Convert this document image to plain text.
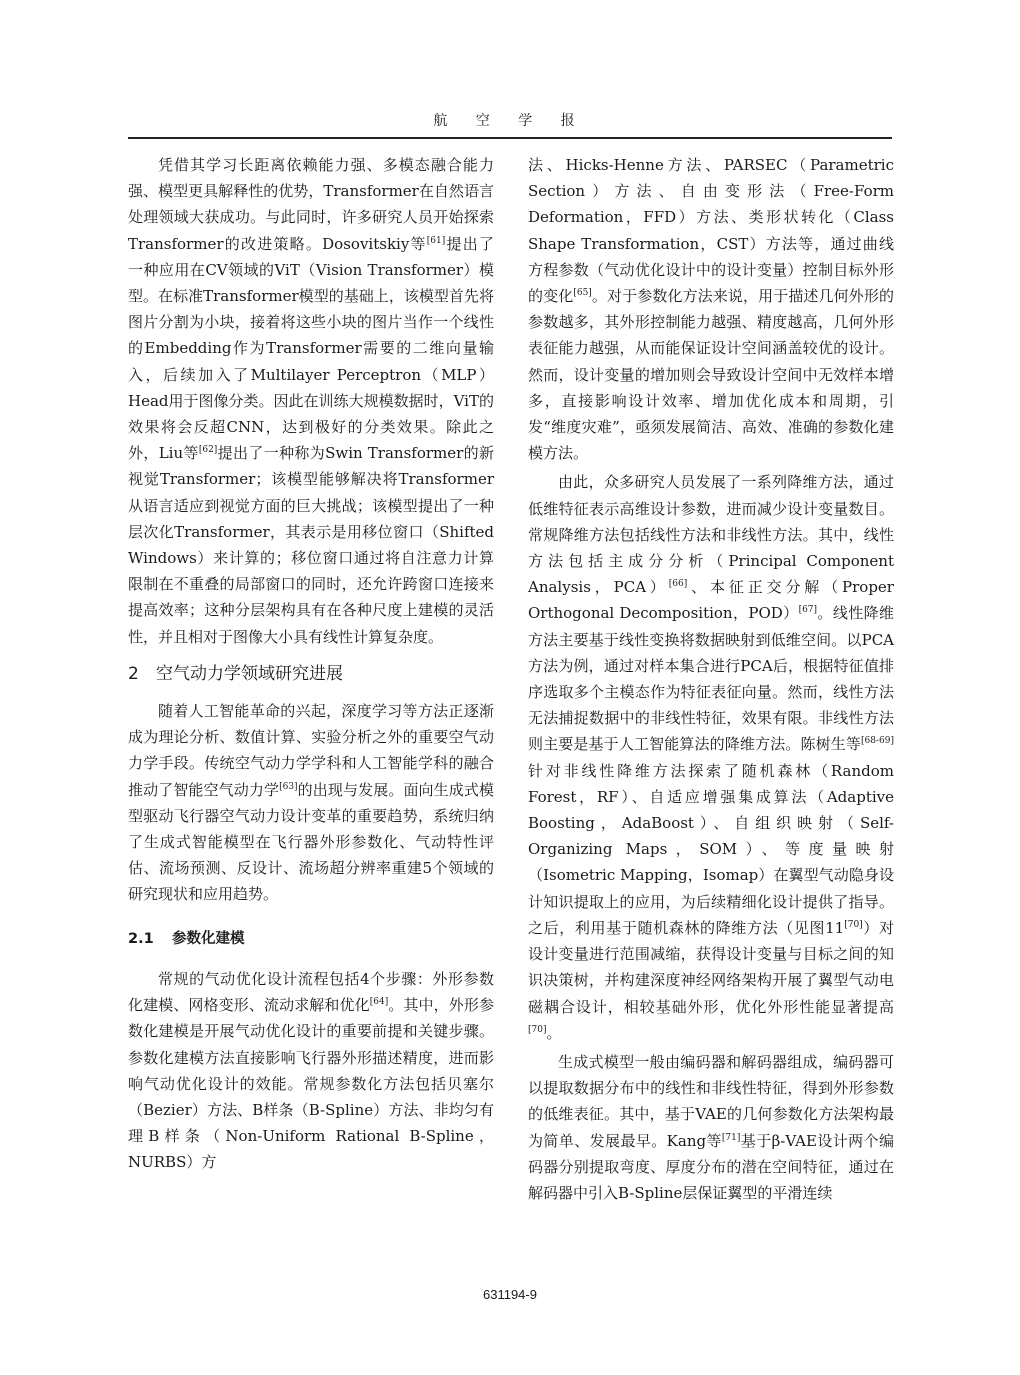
航 空 学 报

凭借其学习长距离依赖能力强、多模态融合能力强、模型更具解释性的优势，Transformer在自然语言处理领域大获成功。与此同时，许多研究人员开始探索Transformer的改进策略。Dosovitskiy等[61]提出了一种应用在CV领域的ViT（Vision Transformer）模型。在标准Transformer模型的基础上，该模型首先将图片分割为小块，接着将这些小块的图片当作一个线性的Embedding作为Transformer需要的二维向量输入，后续加入了Multilayer Perceptron（MLP）Head用于图像分类。因此在训练大规模数据时，ViT的效果将会反超CNN，达到极好的分类效果。除此之外，Liu等[62]提出了一种称为Swin Transformer的新视觉Transformer；该模型能够解决将Transformer从语言适应到视觉方面的巨大挑战；该模型提出了一种层次化Transformer，其表示是用移位窗口（Shifted Windows）来计算的；移位窗口通过将自注意力计算限制在不重叠的局部窗口的同时，还允许跨窗口连接来提高效率；这种分层架构具有在各种尺度上建模的灵活性，并且相对于图像大小具有线性计算复杂度。

2 空气动力学领域研究进展

随着人工智能革命的兴起，深度学习等方法正逐渐成为理论分析、数值计算、实验分析之外的重要空气动力学手段。传统空气动力学学科和人工智能学科的融合推动了智能空气动力学[63]的出现与发展。面向生成式模型驱动飞行器空气动力设计变革的重要趋势，系统归纳了生成式智能模型在飞行器外形参数化、气动特性评估、流场预测、反设计、流场超分辨率重建5个领域的研究现状和应用趋势。

2.1 参数化建模

常规的气动优化设计流程包括4个步骤：外形参数化建模、网格变形、流动求解和优化[64]。其中，外形参数化建模是开展气动优化设计的重要前提和关键步骤。参数化建模方法直接影响飞行器外形描述精度，进而影响气动优化设计的效能。常规参数化方法包括贝塞尔（Bezier）方法、B样条（B-Spline）方法、非均匀有理B样条（Non-Uniform Rational B-Spline，NURBS）方

法、Hicks-Henne方法、PARSEC（Parametric Section）方法、自由变形法（Free-Form Deformation，FFD）方法、类形状转化（Class Shape Transformation，CST）方法等，通过曲线方程参数（气动优化设计中的设计变量）控制目标外形的变化[65]。对于参数化方法来说，用于描述几何外形的参数越多，其外形控制能力越强、精度越高，几何外形表征能力越强，从而能保证设计空间涵盖较优的设计。然而，设计变量的增加则会导致设计空间中无效样本增多，直接影响设计效率、增加优化成本和周期，引发“维度灾难”，亟须发展简洁、高效、准确的参数化建模方法。

由此，众多研究人员发展了一系列降维方法，通过低维特征表示高维设计参数，进而减少设计变量数目。常规降维方法包括线性方法和非线性方法。其中，线性方法包括主成分分析（Principal Component Analysis，PCA）[66]、本征正交分解（Proper Orthogonal Decomposition，POD）[67]。线性降维方法主要基于线性变换将数据映射到低维空间。以PCA方法为例，通过对样本集合进行PCA后，根据特征值排序选取多个主模态作为特征表征向量。然而，线性方法无法捕捉数据中的非线性特征，效果有限。非线性方法则主要是基于人工智能算法的降维方法。陈树生等[68-69]针对非线性降维方法探索了随机森林（Random Forest，RF）、自适应增强集成算法（Adaptive Boosting，AdaBoost）、自组织映射（Self-Organizing Maps，SOM）、等度量映射（Isometric Mapping，Isomap）在翼型气动隐身设计知识提取上的应用，为后续精细化设计提供了指导。之后，利用基于随机森林的降维方法（见图11[70]）对设计变量进行范围减缩，获得设计变量与目标之间的知识决策树，并构建深度神经网络架构开展了翼型气动电磁耦合设计，相较基础外形，优化外形性能显著提高[70]。

生成式模型一般由编码器和解码器组成，编码器可以提取数据分布中的线性和非线性特征，得到外形参数的低维表征。其中，基于VAE的几何参数化方法架构最为简单、发展最早。Kang等[71]基于β-VAE设计两个编码器分别提取弯度、厚度分布的潜在空间特征，通过在解码器中引入B-Spline层保证翼型的平滑连续

631194-9
